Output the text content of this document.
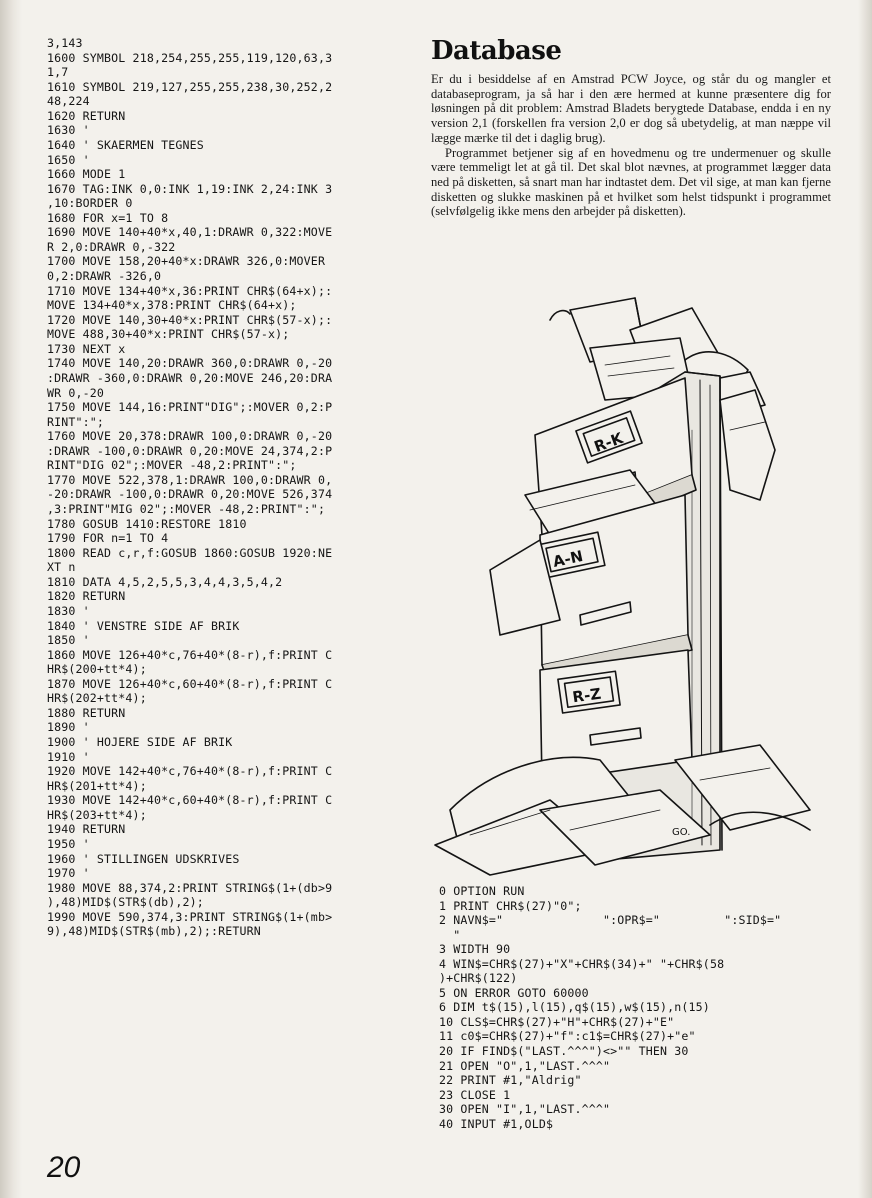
3,143
1600 SYMBOL 218,254,255,255,119,120,63,3
1,7
1610 SYMBOL 219,127,255,255,238,30,252,2
48,224
1620 RETURN
1630 '
1640 ' SKAERMEN TEGNES
1650 '
1660 MODE 1
1670 TAG:INK 0,0:INK 1,19:INK 2,24:INK 3
,10:BORDER 0
1680 FOR x=1 TO 8
1690 MOVE 140+40*x,40,1:DRAWR 0,322:MOVE
R 2,0:DRAWR 0,-322
1700 MOVE 158,20+40*x:DRAWR 326,0:MOVER
0,2:DRAWR -326,0
1710 MOVE 134+40*x,36:PRINT CHR$(64+x);:
MOVE 134+40*x,378:PRINT CHR$(64+x);
1720 MOVE 140,30+40*x:PRINT CHR$(57-x);:
MOVE 488,30+40*x:PRINT CHR$(57-x);
1730 NEXT x
1740 MOVE 140,20:DRAWR 360,0:DRAWR 0,-20
:DRAWR -360,0:DRAWR 0,20:MOVE 246,20:DRA
WR 0,-20
1750 MOVE 144,16:PRINT"DIG";:MOVER 0,2:P
RINT":";
1760 MOVE 20,378:DRAWR 100,0:DRAWR 0,-20
:DRAWR -100,0:DRAWR 0,20:MOVE 24,374,2:P
RINT"DIG 02";:MOVER -48,2:PRINT":";
1770 MOVE 522,378,1:DRAWR 100,0:DRAWR 0,
-20:DRAWR -100,0:DRAWR 0,20:MOVE 526,374
,3:PRINT"MIG 02";:MOVER -48,2:PRINT":";
1780 GOSUB 1410:RESTORE 1810
1790 FOR n=1 TO 4
1800 READ c,r,f:GOSUB 1860:GOSUB 1920:NE
XT n
1810 DATA 4,5,2,5,5,3,4,4,3,5,4,2
1820 RETURN
1830 '
1840 ' VENSTRE SIDE AF BRIK
1850 '
1860 MOVE 126+40*c,76+40*(8-r),f:PRINT C
HR$(200+tt*4);
1870 MOVE 126+40*c,60+40*(8-r),f:PRINT C
HR$(202+tt*4);
1880 RETURN
1890 '
1900 ' HOJERE SIDE AF BRIK
1910 '
1920 MOVE 142+40*c,76+40*(8-r),f:PRINT C
HR$(201+tt*4);
1930 MOVE 142+40*c,60+40*(8-r),f:PRINT C
HR$(203+tt*4);
1940 RETURN
1950 '
1960 ' STILLINGEN UDSKRIVES
1970 '
1980 MOVE 88,374,2:PRINT STRING$(1+(db>9
),48)MID$(STR$(db),2);
1990 MOVE 590,374,3:PRINT STRING$(1+(mb>
9),48)MID$(STR$(mb),2);:RETURN
Database

Er du i besiddelse af en Amstrad PCW Joyce, og står du og mangler et databaseprogram, ja så har i den ære hermed at kunne præsentere dig for løsningen på dit problem: Amstrad Bladets berygtede Database, endda i en ny version 2,1 (forskellen fra version 2,0 er dog så ubetydelig, at man næppe vil lægge mærke til det i daglig brug).

Programmet betjener sig af en hovedmenu og tre undermenuer og skulle være temmeligt let at gå til. Det skal blot nævnes, at programmet lægger data ned på disketten, så snart man har indtastet dem. Det vil sige, at man kan fjerne disketten og slukke maskinen på et hvilket som helst tidspunkt i programmet (selvfølgelig ikke mens den arbejder på disketten).

R-K
A-N
R-Z
GO.
0 OPTION RUN
1 PRINT CHR$(27)"0";
2 NAVN$="              ":OPR$="         ":SID$="
"
3 WIDTH 90
4 WIN$=CHR$(27)+"X"+CHR$(34)+" "+CHR$(58
)+CHR$(122)
5 ON ERROR GOTO 60000
6 DIM t$(15),l(15),q$(15),w$(15),n(15)
10 CLS$=CHR$(27)+"H"+CHR$(27)+"E"
11 c0$=CHR$(27)+"f":c1$=CHR$(27)+"e"
20 IF FIND$("LAST.^^^")<>"" THEN 30
21 OPEN "O",1,"LAST.^^^"
22 PRINT #1,"Aldrig"
23 CLOSE 1
30 OPEN "I",1,"LAST.^^^"
40 INPUT #1,OLD$
20
